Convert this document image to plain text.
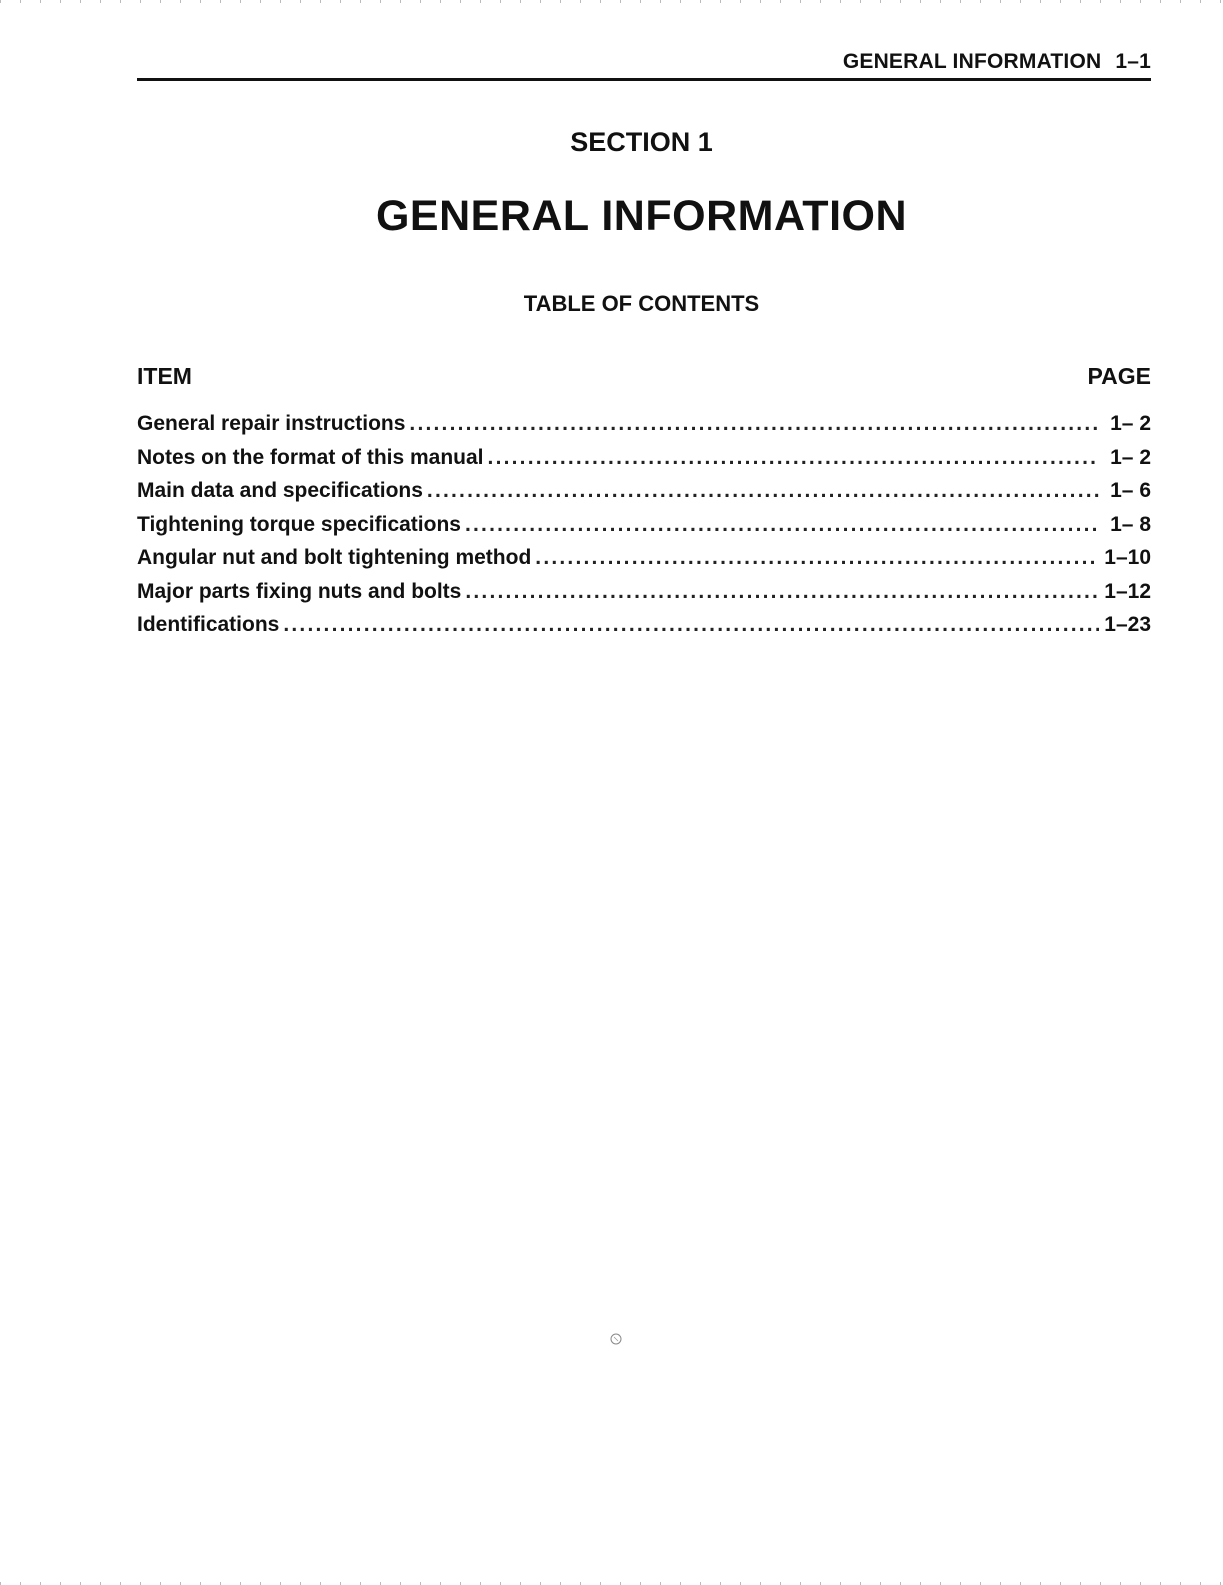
GENERAL INFORMATION 1–1
SECTION 1
GENERAL INFORMATION
TABLE OF CONTENTS
ITEM	PAGE
General repair instructions .....	1– 2
Notes on the format of this manual .....	1– 2
Main data and specifications .....	1– 6
Tightening torque specifications .....	1– 8
Angular nut and bolt tightening method .....	1–10
Major parts fixing nuts and bolts .....	1–12
Identifications .....	1–23
